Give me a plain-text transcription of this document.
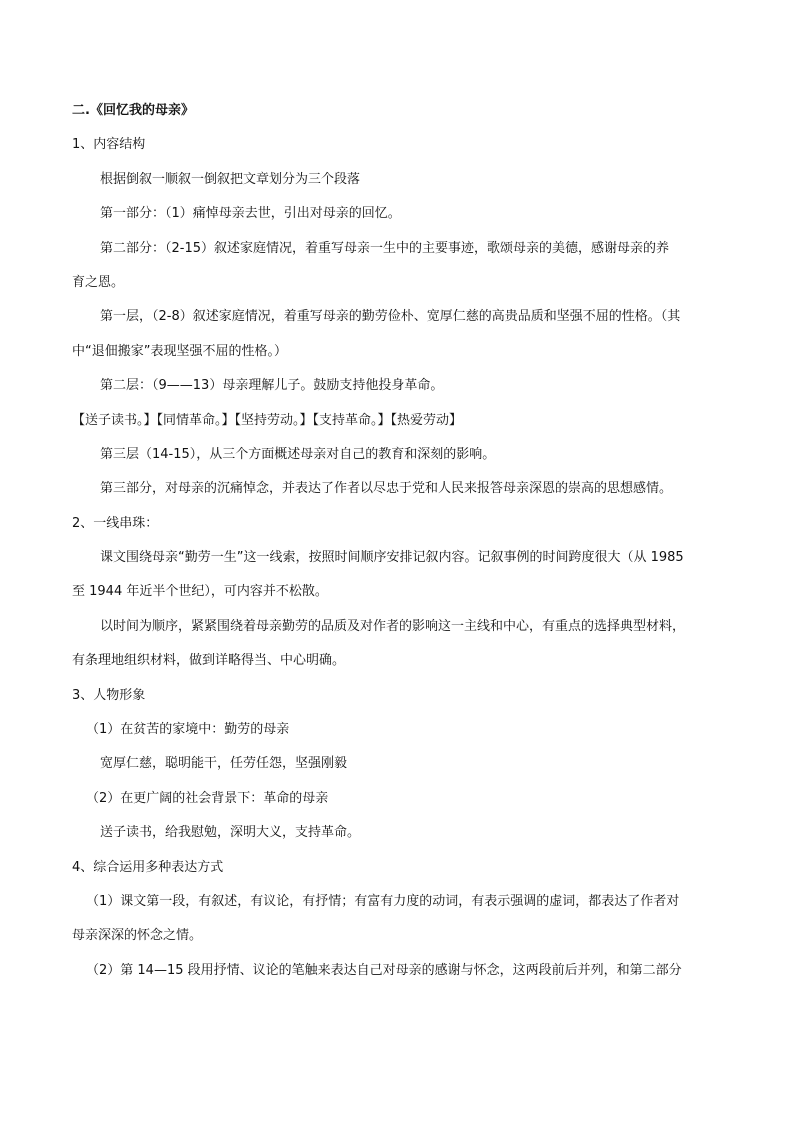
二.《回忆我的母亲》
1、内容结构
根据倒叙一顺叙一倒叙把文章划分为三个段落
第一部分：（1）痛悼母亲去世，引出对母亲的回忆。
第二部分：（2-15）叙述家庭情况，着重写母亲一生中的主要事迹，歌颂母亲的美德，感谢母亲的养
育之恩。
第一层，（2-8）叙述家庭情况，着重写母亲的勤劳俭朴、宽厚仁慈的高贵品质和坚强不屈的性格。（其
中“退佃搬家”表现坚强不屈的性格。）
第二层：（9——13）母亲理解儿子。鼓励支持他投身革命。
【送子读书。】【同情革命。】【坚持劳动。】【支持革命。】【热爱劳动】
第三层（14-15），从三个方面概述母亲对自己的教育和深刻的影响。
第三部分，对母亲的沉痛悼念，并表达了作者以尽忠于党和人民来报答母亲深恩的崇高的思想感情。
2、一线串珠：
课文围绕母亲“勤劳一生”这一线索，按照时间顺序安排记叙内容。记叙事例的时间跨度很大（从 1985
至 1944 年近半个世纪），可内容并不松散。
以时间为顺序，紧紧围绕着母亲勤劳的品质及对作者的影响这一主线和中心，有重点的选择典型材料，
有条理地组织材料，做到详略得当、中心明确。
3、人物形象
（1）在贫苦的家境中：勤劳的母亲
宽厚仁慈，聪明能干，任劳任怨，坚强刚毅
（2）在更广阔的社会背景下：革命的母亲
送子读书，给我慰勉，深明大义，支持革命。
4、综合运用多种表达方式
（1）课文第一段，有叙述，有议论，有抒情；有富有力度的动词，有表示强调的虚词，都表达了作者对
母亲深深的怀念之情。
（2）第 14—15 段用抒情、议论的笔触来表达自己对母亲的感谢与怀念，这两段前后并列，和第二部分
